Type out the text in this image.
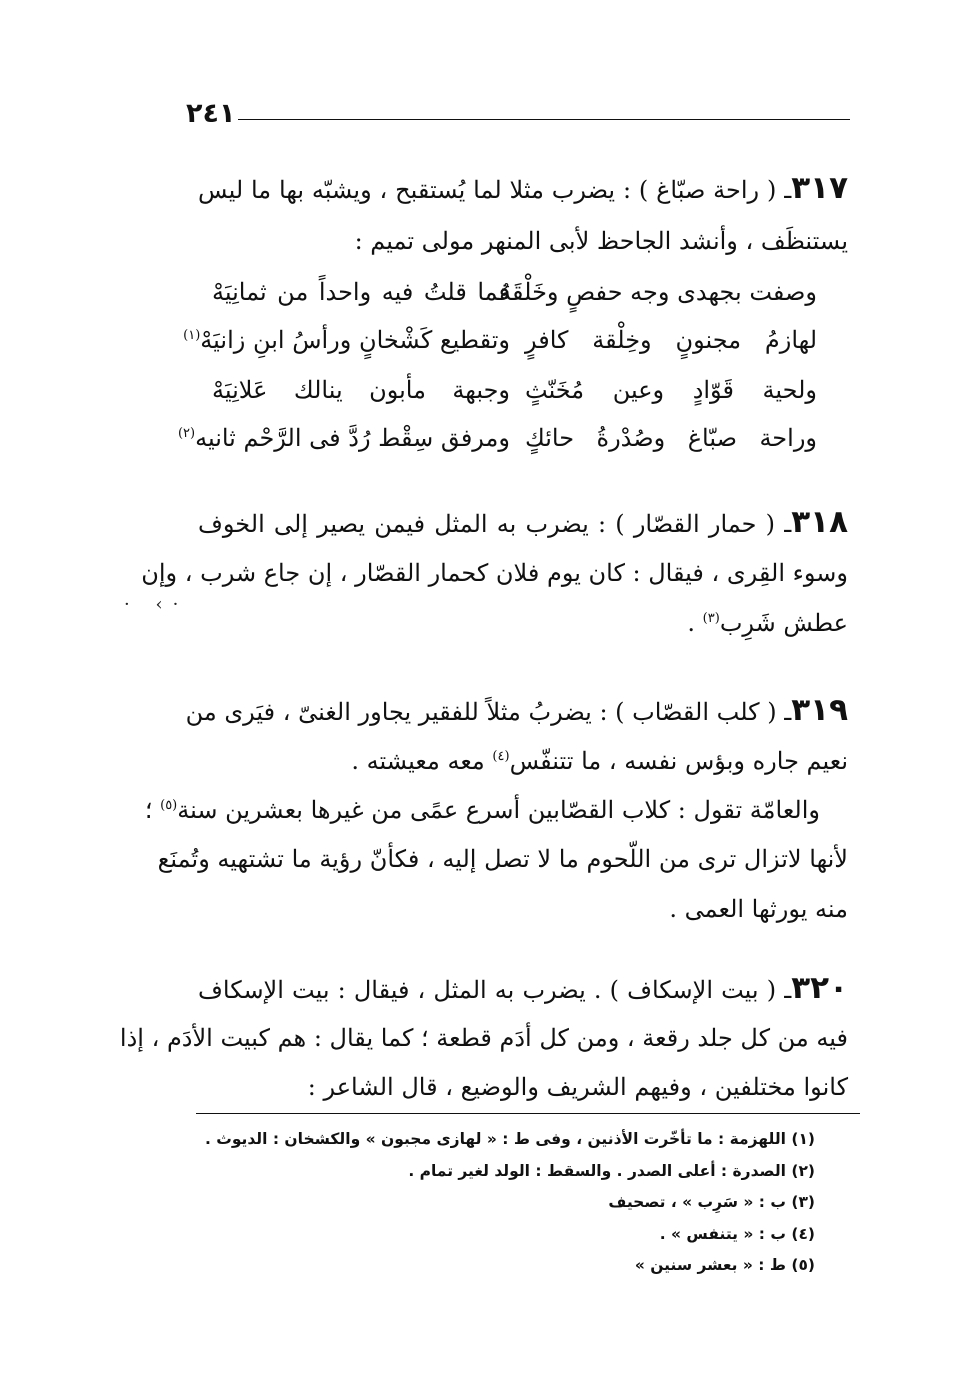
٢٤١
٣١٧ـ ( راحة صبّاغ ) : يضرب مثلا لما يُستقبح ، ويشبّه بها ما ليس
يستنظَف ، وأنشد الجاحظ لأبى المنهر مولى تميم :
وصفت بجهدى وجه حفصٍ وخَلْقَهُ
فما قلتُ فيه واحداً من ثمانِيَهْ
لهازمُ مجنونٍ وخِلْقة كافرٍ
وتقطيع كَشْخانٍ ورأسُ ابنِ زانيَهْ$^{(١)}$
ولحية قَوّادٍ وعين مُخَنّثٍ
وجبهة مأبون ينالك عَلانِيَهْ
وراحة صبّاغ وصُدْرةُ حائكٍ
ومرفق سِقْط رُدَّ فى الرَّحْم ثانيه$^{(٢)}$
٣١٨ـ ( حمار القصّار ) : يضرب به المثل فيمن يصير إلى الخوف
وسوء القِرى ، فيقال : كان يوم فلان كحمار القصّار ، إن جاع شرب ، وإن
عطش شَرِب$^{(٣)}$ .
· ‹·
٣١٩ـ ( كلب القصّاب ) : يضربُ مثلاً للفقير يجاور الغنىّ ، فيَرى من
نعيم جاره وبؤس نفسه ، ما تتنفّس$^{(٤)}$ معه معيشته .
والعامّة تقول : كلاب القصّابين أسرع عمًى من غيرها بعشرين سنة$^{(٥)}$ ؛
لأنها لاتزال ترى من اللّحوم ما لا تصل إليه ، فكأنّ رؤية ما تشتهيه وتُمنَع
منه يورثها العمى .
٣٢٠ـ ( بيت الإسكاف ) . يضرب به المثل ، فيقال : بيت الإسكاف
فيه من كل جلد رقعة ، ومن كل أدَم قطعة ؛ كما يقال : هم كبيت الأدَم ، إذا
كانوا مختلفين ، وفيهم الشريف والوضيع ، قال الشاعر :
(١) اللهزمة : ما تأخّرت الأذنين ، وفى ط : « لهازى مجبون » والكشخان : الديوث .
(٢) الصدرة : أعلى الصدر . والسقط : الولد لغير تمام .
(٣) ب : « سَرِب » ، تصحيف
(٤) ب : « يتنفس » .
(٥) ط : « بعشر سنين »
